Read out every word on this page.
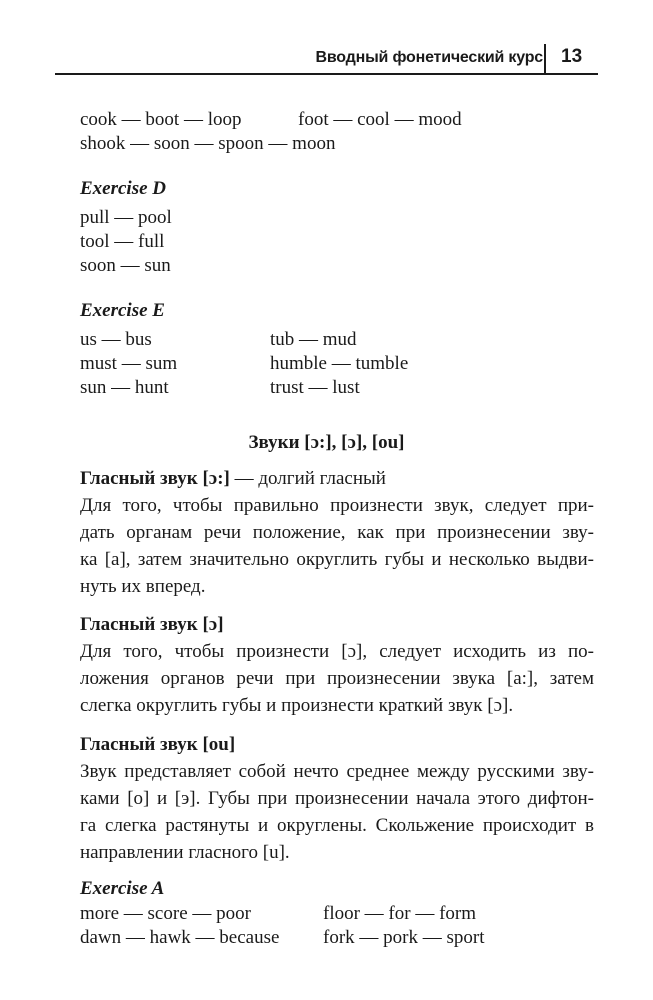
Вводный фонетический курс 13
cook — boot — loop	foot — cool — mood
shook — soon — spoon — moon
Exercise D
pull — pool
tool — full
soon — sun
Exercise E
us — bus
must — sum
sun — hunt
tub — mud
humble — tumble
trust — lust
Звуки [ɔ:], [ɔ], [ou]
Гласный звук [ɔ:] — долгий гласный
Для того, чтобы правильно произнести звук, следует при-
дать органам речи положение, как при произнесении зву-
ка [a], затем значительно округлить губы и несколько выдви-
нуть их вперед.
Гласный звук [ɔ]
Для того, чтобы произнести [ɔ], следует исходить из по-
ложения органов речи при произнесении звука [a:], затем
слегка округлить губы и произнести краткий звук [ɔ].
Гласный звук [ou]
Звук представляет собой нечто среднее между русскими зву-
ками [o] и [э]. Губы при произнесении начала этого дифтон-
га слегка растянуты и округлены. Скольжение происходит в
направлении гласного [u].
Exercise A
more — score — poor
dawn — hawk — because
floor — for — form
fork — pork — sport
